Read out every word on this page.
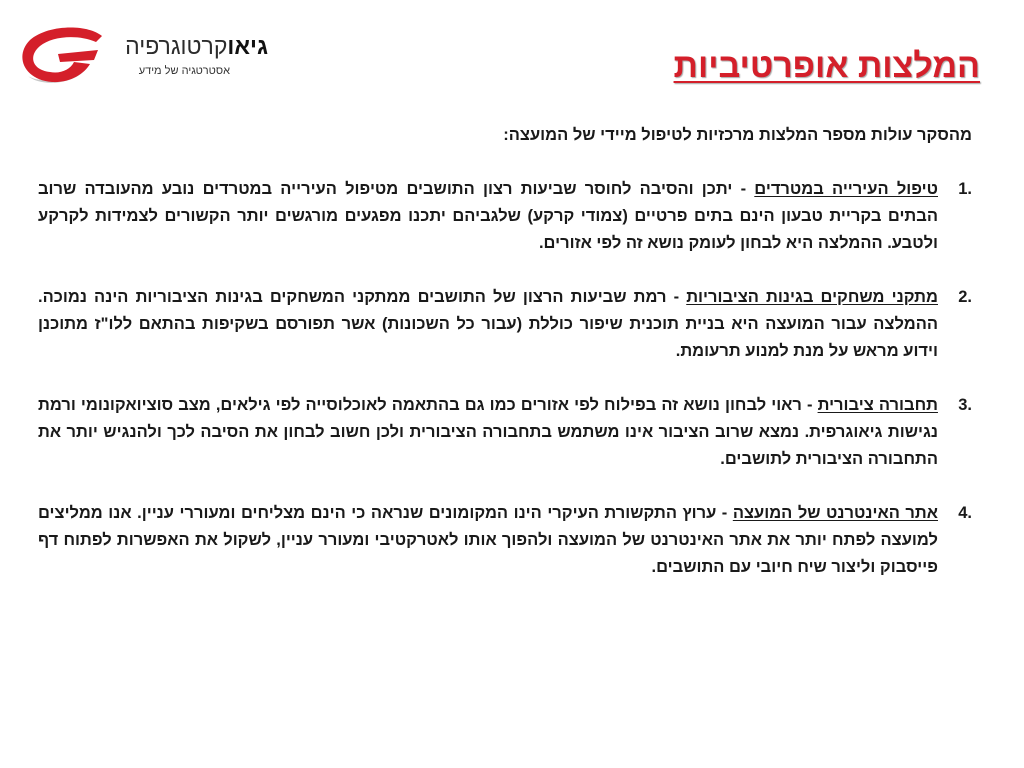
גיאוקרטוגרפיה
אסטרטגיה של מידע	המלצות אופרטיביות

מהסקר עולות מספר המלצות מרכזיות לטיפול מיידי של המועצה:

1.
טיפול העירייה במטרדים - יתכן והסיבה לחוסר שביעות רצון התושבים מטיפול העירייה במטרדים נובע מהעובדה שרוב הבתים בקריית טבעון הינם בתים פרטיים (צמודי קרקע) שלגביהם יתכנו מפגעים מורגשים יותר הקשורים לצמידות לקרקע ולטבע. ההמלצה היא לבחון לעומק נושא זה לפי אזורים.
2.
מתקני משחקים בגינות הציבוריות - רמת שביעות הרצון של התושבים ממתקני המשחקים בגינות הציבוריות הינה נמוכה. ההמלצה עבור המועצה היא בניית תוכנית שיפור כוללת (עבור כל השכונות) אשר תפורסם בשקיפות בהתאם ללו"ז מתוכנן וידוע מראש על מנת למנוע תרעומת.
3.
תחבורה ציבורית - ראוי לבחון נושא זה בפילוח לפי אזורים כמו גם בהתאמה לאוכלוסייה לפי גילאים, מצב סוציואקונומי ורמת נגישות גיאוגרפית. נמצא שרוב הציבור אינו משתמש בתחבורה הציבורית ולכן חשוב לבחון את הסיבה לכך ולהנגיש יותר את התחבורה הציבורית לתושבים.
4.
אתר האינטרנט של המועצה - ערוץ התקשורת העיקרי הינו המקומונים שנראה כי הינם מצליחים ומעוררי עניין. אנו ממליצים למועצה לפתח יותר את אתר האינטרנט של המועצה ולהפוך אותו לאטרקטיבי ומעורר עניין, לשקול את האפשרות לפתוח דף פייסבוק וליצור שיח חיובי עם התושבים.
